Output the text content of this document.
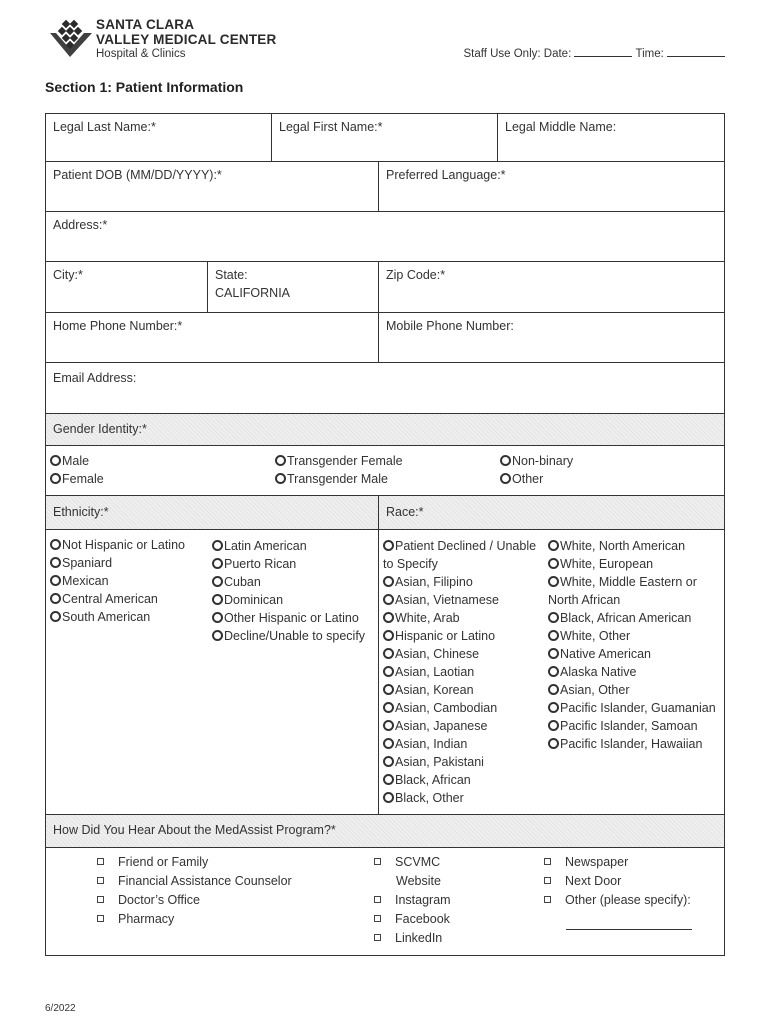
SANTA CLARA
VALLEY MEDICAL CENTER
Hospital & Clinics	Staff Use Only: Date:	Time:
Section 1: Patient Information
Legal Last Name:*	Legal First Name:*	Legal Middle Name:
Patient DOB (MM/DD/YYYY):*	Preferred Language:*
Address:*
City:*	State:
CALIFORNIA
Zip Code:*
Home Phone Number:*	Mobile Phone Number:
Email Address:
Gender Identity:*
Male
Female
Transgender Female
Transgender Male
Non-binary
Other
Ethnicity:*	Race:*
Not Hispanic or Latino
Spaniard
Mexican
Central American
South American
Latin American
Puerto Rican
Cuban
Dominican
Other Hispanic or Latino
Decline/Unable to specify
Patient Declined / Unable to Specify
Asian, Filipino
Asian, Vietnamese
White, Arab
Hispanic or Latino
Asian, Chinese
Asian, Laotian
Asian, Korean
Asian, Cambodian
Asian, Japanese
Asian, Indian
Asian, Pakistani
Black, African
Black, Other
White, North American
White, European
White, Middle Eastern or North African
Black, African American
White, Other
Native American
Alaska Native
Asian, Other
Pacific Islander, Guamanian
Pacific Islander, Samoan
Pacific Islander, Hawaiian
How Did You Hear About the MedAssist Program?*
Friend or Family
Financial Assistance Counselor
Doctor’s Office
Pharmacy
SCVMC
Website
Instagram
Facebook
LinkedIn
Newspaper
Next Door
Other (please specify):
6/2022
